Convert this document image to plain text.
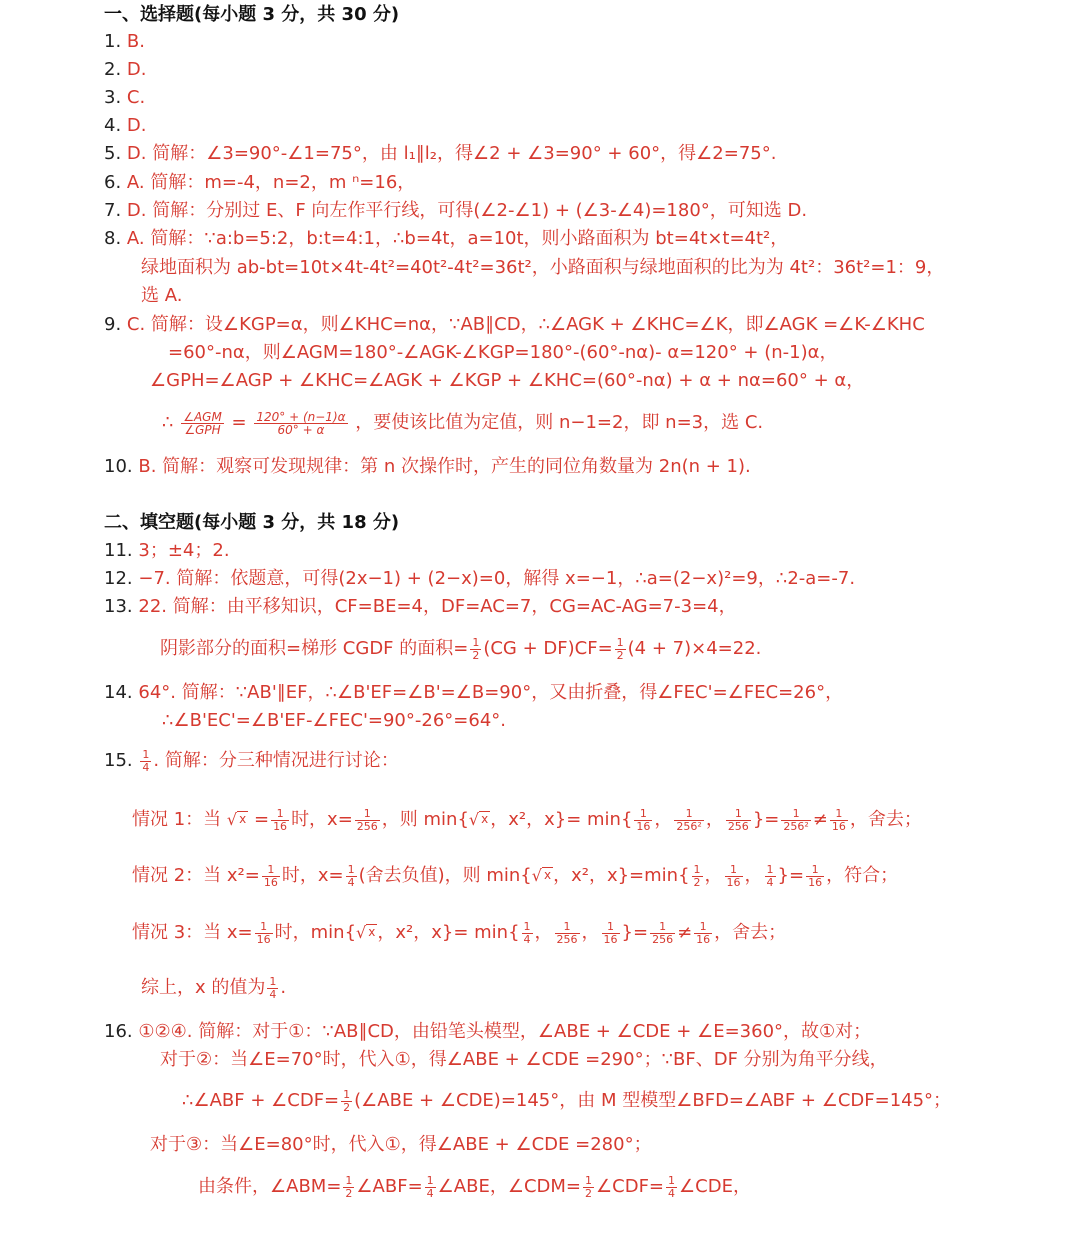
一、选择题(每小题 3 分，共 30 分)
1. B.
2. D.
3. C.
4. D.
5. D. 简解：∠3=90°-∠1=75°，由 l₁∥l₂，得∠2 + ∠3=90° + 60°，得∠2=75°.
6. A. 简解：m=-4，n=2，m ⁿ=16，
7. D. 简解：分别过 E、F 向左作平行线，可得(∠2-∠1) + (∠3-∠4)=180°，可知选 D.
8. A. 简解：∵a:b=5:2，b:t=4:1，∴b=4t，a=10t，则小路面积为 bt=4t×t=4t²，
绿地面积为 ab-bt=10t×4t-4t²=40t²-4t²=36t²，小路面积与绿地面积的比为为 4t²：36t²=1：9，
选 A.
9. C. 简解：设∠KGP=α，则∠KHC=nα，∵AB∥CD，∴∠AGK + ∠KHC=∠K，即∠AGK =∠K-∠KHC
=60°-nα，则∠AGM=180°-∠AGK-∠KGP=180°-(60°-nα)- α=120° + (n-1)α，
∠GPH=∠AGP + ∠KHC=∠AGK + ∠KGP + ∠KHC=(60°-nα) + α + nα=60° + α，
∴ $\frac{\text{∠AGM}}{\text{∠GPH}} = \frac{120^\circ + (n-1)\alpha}{60^\circ + \alpha}$ ，要使该比值为定值，则 n−1=2，即 n=3，选 C.
10. B. 简解：观察可发现规律：第 n 次操作时，产生的同位角数量为 2n(n + 1).
二、填空题(每小题 3 分，共 18 分)
11. 3；±4；2.
12. −7. 简解：依题意，可得(2x−1) + (2−x)=0，解得 x=−1，∴a=(2−x)²=9，∴2-a=-7.
13. 22. 简解：由平移知识，CF=BE=4，DF=AC=7，CG=AC-AG=7-3=4，
阴影部分的面积=梯形 CGDF 的面积= $\frac{1}{2} (CG + DF)CF= \frac{1}{2} (4 + 7)\times 4=22$.
14. 64°. 简解：∵AB'∥EF，∴∠B'EF=∠B'=∠B=90°，又由折叠，得∠FEC'=∠FEC=26°，
∴∠B'EC'=∠B'EF-∠FEC'=90°-26°=64°.
15. $\frac{1}{4}$ . 简解：分三种情况进行讨论：
情况 1：当 √ $x = \frac{1}{16}$ 时，$x= \frac{1}{256}$ ，则 min{√ x ，x²，$x\}= \min\{ \frac{1}{16}$ ， $\frac{1}{\text{256²}}$ ， $\frac{1}{256}$ }= $\frac{1}{\text{256²}} \ne \frac{1}{16}$ ，舍去；
情况 2：当 $x^2= \frac{1}{16}$ 时，$x= \frac{1}{4}$ (舍去负值)，则 min{√ x ，x²，$x\}=\min\{ \frac{1}{2}$ ， $\frac{1}{16}$ ， $\frac{1}{4}$ }= $\frac{1}{16}$ ，符合；
情况 3：当 $x= \frac{1}{16}$ 时，min{√ x ，x²，$x\}= \min\{ \frac{1}{4}$ ， $\frac{1}{256}$ ， $\frac{1}{16}$ }= $\frac{1}{256} \ne \frac{1}{16}$ ，舍去；
综上，x 的值为 $\frac{1}{4}$ .
16. ①②④. 简解：对于①：∵AB∥CD，由铅笔头模型，∠ABE + ∠CDE + ∠E=360°，故①对；
对于②：当∠E=70°时，代入①，得∠ABE + ∠CDE =290°；∵BF、DF 分别为角平分线，
∴∠ABF + ∠CDF= $\frac{1}{2}$ (∠ABE + ∠CDE)=145°，由 M 型模型∠BFD=∠ABF + ∠CDF=145°；
对于③：当∠E=80°时，代入①，得∠ABE + ∠CDE =280°；
由条件，∠ABM= $\frac{1}{2}$ ∠ABF= $\frac{1}{4}$ ∠ABE，∠CDM= $\frac{1}{2}$ ∠CDF= $\frac{1}{4}$ ∠CDE，
